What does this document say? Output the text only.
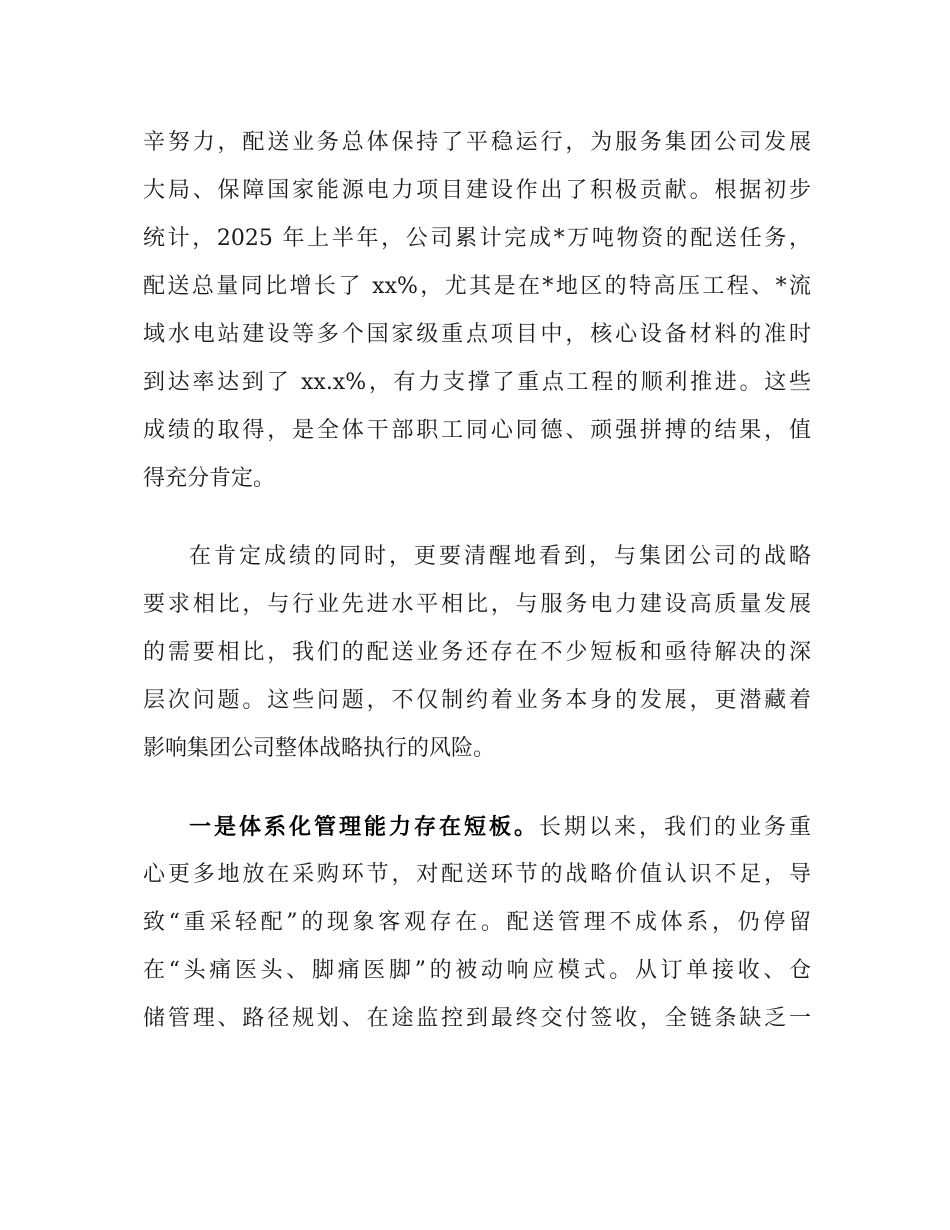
辛努力，配送业务总体保持了平稳运行，为服务集团公司发展
大局、保障国家能源电力项目建设作出了积极贡献。根据初步
统计，2025 年上半年，公司累计完成*万吨物资的配送任务，
配送总量同比增长了 xx%，尤其是在*地区的特高压工程、*流
域水电站建设等多个国家级重点项目中，核心设备材料的准时
到达率达到了 xx.x%，有力支撑了重点工程的顺利推进。这些
成绩的取得，是全体干部职工同心同德、顽强拼搏的结果，值
得充分肯定。
在肯定成绩的同时，更要清醒地看到，与集团公司的战略
要求相比，与行业先进水平相比，与服务电力建设高质量发展
的需要相比，我们的配送业务还存在不少短板和亟待解决的深
层次问题。这些问题，不仅制约着业务本身的发展，更潜藏着
影响集团公司整体战略执行的风险。
一是体系化管理能力存在短板。长期以来，我们的业务重
心更多地放在采购环节，对配送环节的战略价值认识不足，导
致“重采轻配”的现象客观存在。配送管理不成体系，仍停留
在“头痛医头、脚痛医脚”的被动响应模式。从订单接收、仓
储管理、路径规划、在途监控到最终交付签收，全链条缺乏一
